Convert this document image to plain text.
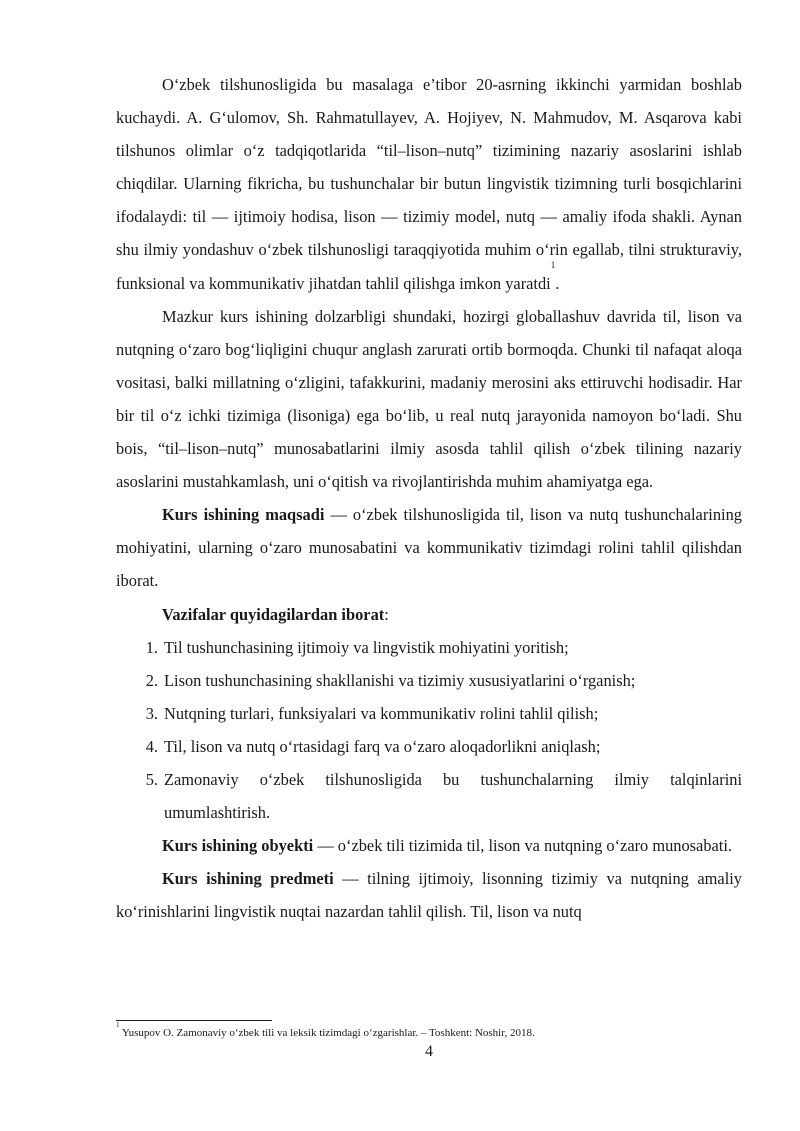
O‘zbek tilshunosligida bu masalaga e’tibor 20-asrning ikkinchi yarmidan boshlab kuchaydi. A. G‘ulomov, Sh. Rahmatullayev, A. Hojiyev, N. Mahmudov, M. Asqarova kabi tilshunos olimlar o‘z tadqiqotlarida “til–lison–nutq” tizimining nazariy asoslarini ishlab chiqdilar. Ularning fikricha, bu tushunchalar bir butun lingvistik tizimning turli bosqichlarini ifodalaydi: til — ijtimoiy hodisa, lison — tizimiy model, nutq — amaliy ifoda shakli. Aynan shu ilmiy yondashuv o‘zbek tilshunosligi taraqqiyotida muhim o‘rin egallab, tilni strukturaviy, funksional va kommunikativ jihatdan tahlil qilishga imkon yaratdi$^1$.

Mazkur kurs ishining dolzarbligi shundaki, hozirgi globallashuv davrida til, lison va nutqning o‘zaro bog‘liqligini chuqur anglash zarurati ortib bormoqda. Chunki til nafaqat aloqa vositasi, balki millatning o‘zligini, tafakkurini, madaniy merosini aks ettiruvchi hodisadir. Har bir til o‘z ichki tizimiga (lisoniga) ega bo‘lib, u real nutq jarayonida namoyon bo‘ladi. Shu bois, “til–lison–nutq” munosabatlarini ilmiy asosda tahlil qilish o‘zbek tilining nazariy asoslarini mustahkamlash, uni o‘qitish va rivojlantirishda muhim ahamiyatga ega.

Kurs ishining maqsadi — o‘zbek tilshunosligida til, lison va nutq tushunchalarining mohiyatini, ularning o‘zaro munosabatini va kommunikativ tizimdagi rolini tahlil qilishdan iborat.

Vazifalar quyidagilardan iborat:

1. Til tushunchasining ijtimoiy va lingvistik mohiyatini yoritish;
2. Lison tushunchasining shakllanishi va tizimiy xususiyatlarini o‘rganish;
3. Nutqning turlari, funksiyalari va kommunikativ rolini tahlil qilish;
4. Til, lison va nutq o‘rtasidagi farq va o‘zaro aloqadorlikni aniqlash;
5. Zamonaviy o‘zbek tilshunosligida bu tushunchalarning ilmiy talqinlarini umumlashtirish.

Kurs ishining obyekti — o‘zbek tili tizimida til, lison va nutqning o‘zaro munosabati.

Kurs ishining predmeti — tilning ijtimoiy, lisonning tizimiy va nutqning amaliy ko‘rinishlarini lingvistik nuqtai nazardan tahlil qilish. Til, lison va nutq

$^1$ Yusupov O. Zamonaviy o‘zbek tili va leksik tizimdagi o‘zgarishlar. – Toshkent: Noshir, 2018.
4
